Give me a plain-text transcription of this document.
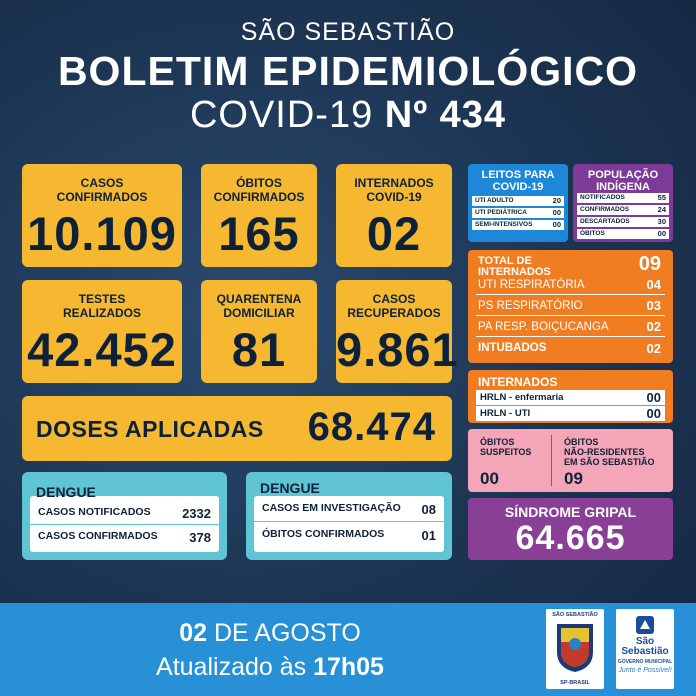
SÃO SEBASTIÃO
BOLETIM EPIDEMIOLÓGICO
COVID-19 Nº 434
CASOS
CONFIRMADOS
10.109
ÓBITOS
CONFIRMADOS
165
INTERNADOS
COVID-19
02
TESTES
REALIZADOS
42.452
QUARENTENA
DOMICILIAR
81
CASOS
RECUPERADOS
9.861
DOSES APLICADAS 68.474
DENGUE
CASOS NOTIFICADOS 2332
CASOS CONFIRMADOS 378
DENGUE
CASOS EM INVESTIGAÇÃO 08
ÓBITOS CONFIRMADOS	01
LEITOS PARA
COVID-19
UTI ADULTO	20
UTI PEDIÁTRICA	00
SEMI-INTENSIVOS	00
POPULAÇÃO
INDÍGENA
NOTIFICADOS	55
CONFIRMADOS	24
DESCARTADOS	30
ÓBITOS	00
TOTAL DE
INTERNADOS	09
UTI RESPIRATÓRIA	04
PS RESPIRATÓRIO	03
PA RESP. BOIÇUCANGA	02
INTUBADOS	02
INTERNADOS
HRLN - enfermaria	00
HRLN - UTI	00
ÓBITOS
SUSPEITOS
00
ÓBITOS
NÃO-RESIDENTES
EM SÃO SEBASTIÃO
09
SÍNDROME GRIPAL
64.665
02 DE AGOSTO
Atualizado às 17h05
SÃO SEBASTIÃO
SP-BRASIL
São
Sebastião
GOVERNO MUNICIPAL
Junto é Possível!
